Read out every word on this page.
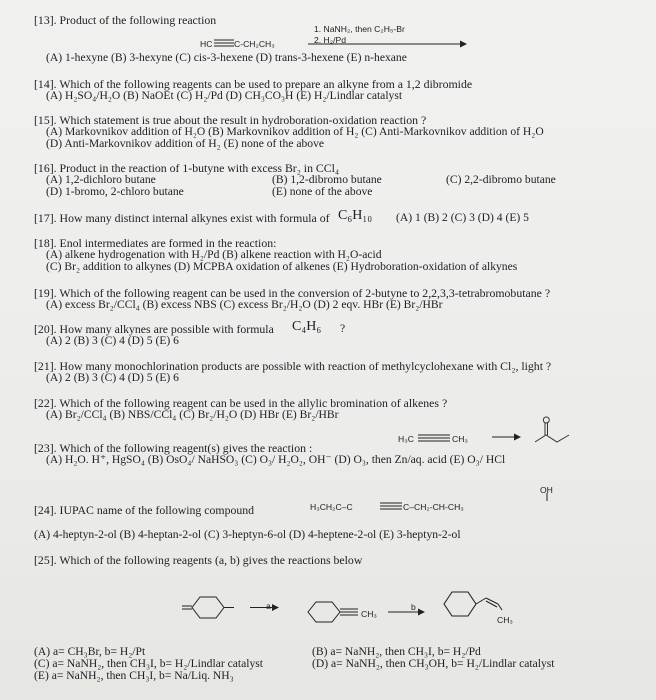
[13]. Product of the following reaction
1. NaNH₂, then C₂H₅-Br
2. H₂/Pd
HC	C-CH₂CH₃
(A) 1-hexyne (B) 3-hexyne (C) cis-3-hexene (D) trans-3-hexene (E) n-hexane
[14]. Which of the following reagents can be used to prepare an alkyne from a 1,2 dibromide
(A) H₂SO₄/H₂O (B) NaOEt (C) H₂/Pd (D) CH₃CO₃H (E) H₂/Lindlar catalyst
[15]. Which statement is true about the result in hydroboration-oxidation reaction ?
(A) Markovnikov addition of H₂O (B) Markovnikov addition of H₂ (C) Anti-Markovnikov addition of H₂O
(D) Anti-Markovnikov addition of H₂ (E) none of the above
[16]. Product in the reaction of 1-butyne with excess Br₂ in CCl₄
(A) 1,2-dichloro butane	(B) 1,2-dibromo butane	(C) 2,2-dibromo butane
(D) 1-bromo, 2-chloro butane	(E) none of the above
[17]. How many distinct internal alkynes exist with formula of C₆H₁₀ (A) 1 (B) 2 (C) 3 (D) 4 (E) 5
[18]. Enol intermediates are formed in the reaction:
(A) alkene hydrogenation with H₂/Pd (B) alkene reaction with H₂O-acid
(C) Br₂ addition to alkynes (D) MCPBA oxidation of alkenes (E) Hydroboration-oxidation of alkynes
[19]. Which of the following reagent can be used in the conversion of 2-butyne to 2,2,3,3-tetrabromobutane ?
(A) excess Br₂/CCl₄ (B) excess NBS (C) excess Br₂/H₂O (D) 2 eqv. HBr (E) Br₂/HBr
[20]. How many alkynes are possible with formula C₄H₆ ?
(A) 2 (B) 3 (C) 4 (D) 5 (E) 6
[21]. How many monochlorination products are possible with reaction of methylcyclohexane with Cl₂, light ?
(A) 2 (B) 3 (C) 4 (D) 5 (E) 6
[22]. Which of the following reagent can be used in the allylic bromination of alkenes ?
(A) Br₂/CCl₄ (B) NBS/CCl₄ (C) Br₂/H₂O (D) HBr (E) Br₂/HBr
H₃C	CH₃
[23]. Which of the following reagent(s) gives the reaction :
(A) H₂O. H⁺, HgSO₄ (B) OsO₄/ NaHSO₃ (C) O₃/ H₂O₂, OH⁻ (D) O₃, then Zn/aq. acid (E) O₃/ HCl
OH
H₃CH₂C–C	C–CH₂-CH-CH₃
[24]. IUPAC name of the following compound
(A) 4-heptyn-2-ol (B) 4-heptan-2-ol (C) 3-heptyn-6-ol (D) 4-heptene-2-ol (E) 3-heptyn-2-ol
[25]. Which of the following reagents (a, b) gives the reactions below
a
CH₃
b
CH₃
(A) a= CH₃Br, b= H₂/Pt	(B) a= NaNH₂, then CH₃I, b= H₂/Pd
(C) a= NaNH₂, then CH₃I, b= H₂/Lindlar catalyst	(D) a= NaNH₂, then CH₃OH, b= H₂/Lindlar catalyst
(E) a= NaNH₂, then CH₃I, b= Na/Liq. NH₃
